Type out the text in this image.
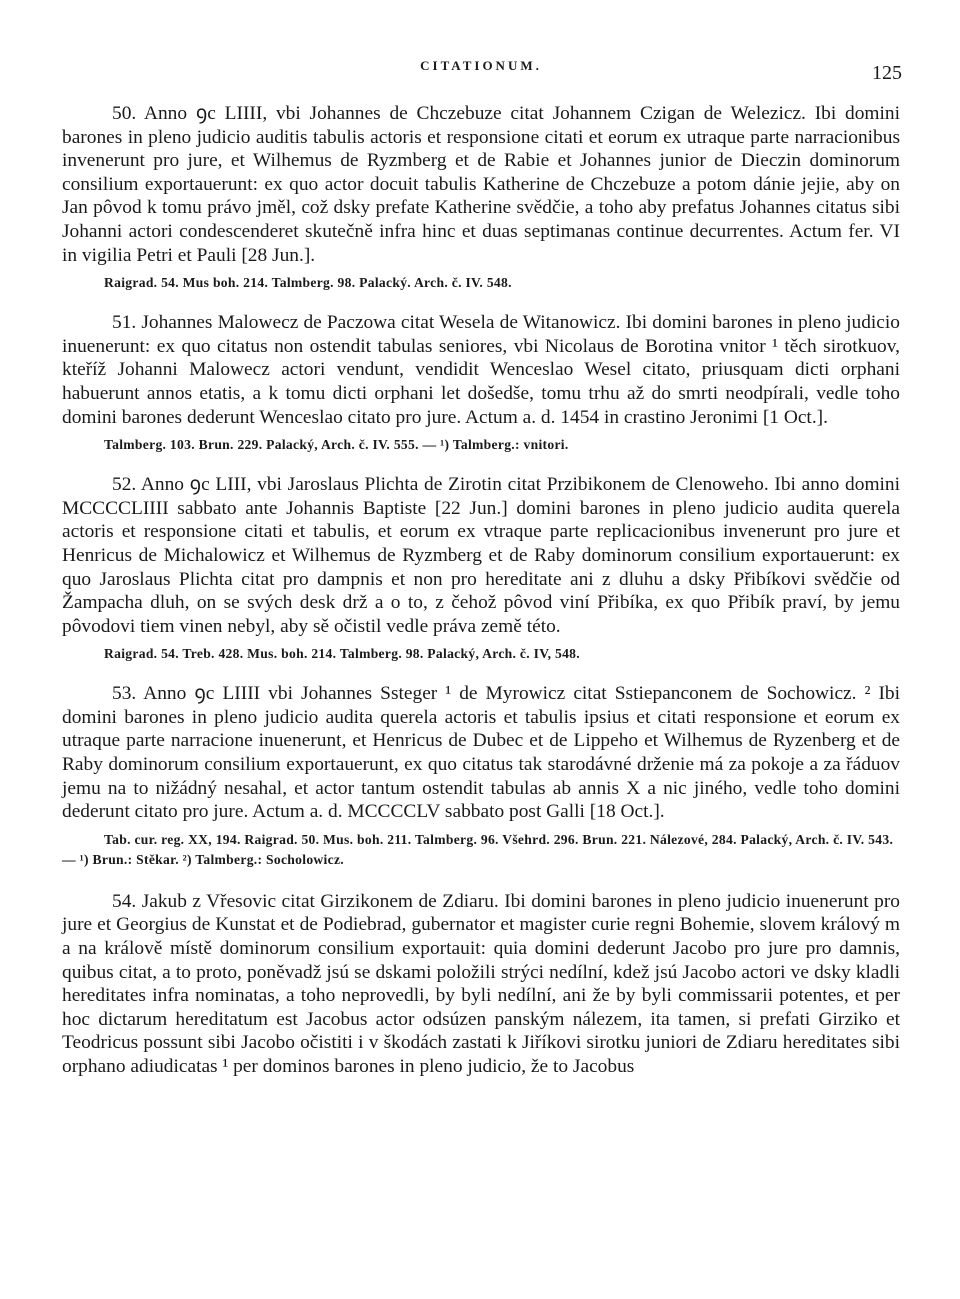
CITATIONUM.	125

50. Anno ꝯc LIIII, vbi Johannes de Chczebuze citat Johannem Czigan de Welezicz. Ibi domini barones in pleno judicio auditis tabulis actoris et responsione citati et eorum ex utraque parte narracionibus invenerunt pro jure, et Wilhemus de Ryzmberg et de Rabie et Johannes junior de Dieczin dominorum consilium exportauerunt: ex quo actor docuit tabulis Katherine de Chczebuze a potom dánie jejie, aby on Jan pôvod k tomu právo jměl, což dsky prefate Katherine svědčie, a toho aby prefatus Johannes citatus sibi Johanni actori condescenderet skutečně infra hinc et duas septimanas continue decurrentes. Actum fer. VI in vigilia Petri et Pauli [28 Jun.].

Raigrad. 54. Mus boh. 214. Talmberg. 98. Palacký. Arch. č. IV. 548.

51. Johannes Malowecz de Paczowa citat Wesela de Witanowicz. Ibi domini barones in pleno judicio inuenerunt: ex quo citatus non ostendit tabulas seniores, vbi Nicolaus de Borotina vnitor ¹ těch sirotkuov, kteříž Johanni Malowecz actori vendunt, vendidit Wenceslao Wesel citato, priusquam dicti orphani habuerunt annos etatis, a k tomu dicti orphani let došedše, tomu trhu až do smrti neodpírali, vedle toho domini barones dederunt Wenceslao citato pro jure. Actum a. d. 1454 in crastino Jeronimi [1 Oct.].

Talmberg. 103. Brun. 229. Palacký, Arch. č. IV. 555. — ¹) Talmberg.: vnitori.

52. Anno ꝯc LIII, vbi Jaroslaus Plichta de Zirotin citat Przibikonem de Clenoweho. Ibi anno domini MCCCCLIIII sabbato ante Johannis Baptiste [22 Jun.] domini barones in pleno judicio audita querela actoris et responsione citati et tabulis, et eorum ex vtraque parte replicacionibus invenerunt pro jure et Henricus de Michalowicz et Wilhemus de Ryzmberg et de Raby dominorum consilium exportauerunt: ex quo Jaroslaus Plichta citat pro dampnis et non pro hereditate ani z dluhu a dsky Přibíkovi svědčie od Žampacha dluh, on se svých desk drž a o to, z čehož pôvod viní Přibíka, ex quo Přibík praví, by jemu pôvodovi tiem vinen nebyl, aby sě očistil vedle práva země této.

Raigrad. 54. Treb. 428. Mus. boh. 214. Talmberg. 98. Palacký, Arch. č. IV, 548.

53. Anno ꝯc LIIII vbi Johannes Ssteger ¹ de Myrowicz citat Sstiepanconem de Sochowicz. ² Ibi domini barones in pleno judicio audita querela actoris et tabulis ipsius et citati responsione et eorum ex utraque parte narracione inuenerunt, et Henricus de Dubec et de Lippeho et Wilhemus de Ryzenberg et de Raby dominorum consilium exportauerunt, ex quo citatus tak starodávné drženie má za pokoje a za řáduov jemu na to nižádný nesahal, et actor tantum ostendit tabulas ab annis X a nic jiného, vedle toho domini dederunt citato pro jure. Actum a. d. MCCCCLV sabbato post Galli [18 Oct.].

Tab. cur. reg. XX, 194. Raigrad. 50. Mus. boh. 211. Talmberg. 96. Všehrd. 296. Brun. 221. Nálezové, 284. Palacký, Arch. č. IV. 543. — ¹) Brun.: Stěkar. ²) Talmberg.: Socholowicz.

54. Jakub z Vřesovic citat Girzikonem de Zdiaru. Ibi domini barones in pleno judicio inuenerunt pro jure et Georgius de Kunstat et de Podiebrad, gubernator et magister curie regni Bohemie, slovem králový m a na králově místě dominorum consilium exportauit: quia domini dederunt Jacobo pro jure pro damnis, quibus citat, a to proto, poněvadž jsú se dskami položili strýci nedílní, kdež jsú Jacobo actori ve dsky kladli hereditates infra nominatas, a toho neprovedli, by byli nedílní, ani že by byli commissarii potentes, et per hoc dictarum hereditatum est Jacobus actor odsúzen panským nálezem, ita tamen, si prefati Girziko et Teodricus possunt sibi Jacobo očistiti i v škodách zastati k Jiříkovi sirotku juniori de Zdiaru hereditates sibi orphano adiudicatas ¹ per dominos barones in pleno judicio, že to Jacobus
